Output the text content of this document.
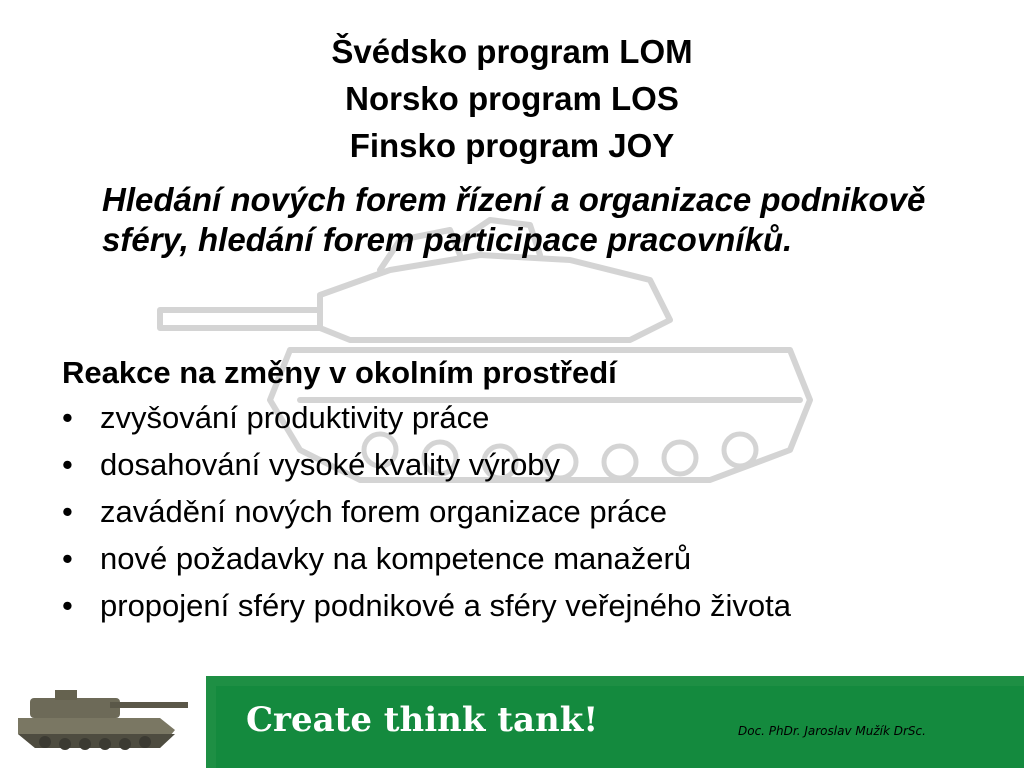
Švédsko program LOM
Norsko program LOS
Finsko program JOY
Hledání nových forem řízení a organizace podnikově sféry, hledání forem participace pracovníků.
Reakce na změny v okolním prostředí
• zvyšování produktivity práce
• dosahování vysoké kvality výroby
• zavádění nových forem organizace práce
• nové požadavky na kompetence manažerů
• propojení sféry podnikové a sféry veřejného života
Create think tank!	Doc. PhDr. Jaroslav Mužík DrSc.
